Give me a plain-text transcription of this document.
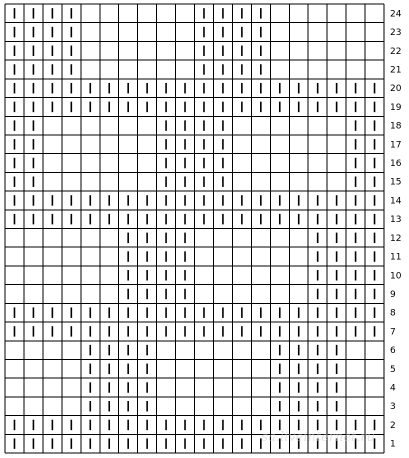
24
23
22
21
20
19
18
17
16
15
14
13
12
11
10
9
8
7
6
5
4
3
2
1
sa.liveinternet.ru
